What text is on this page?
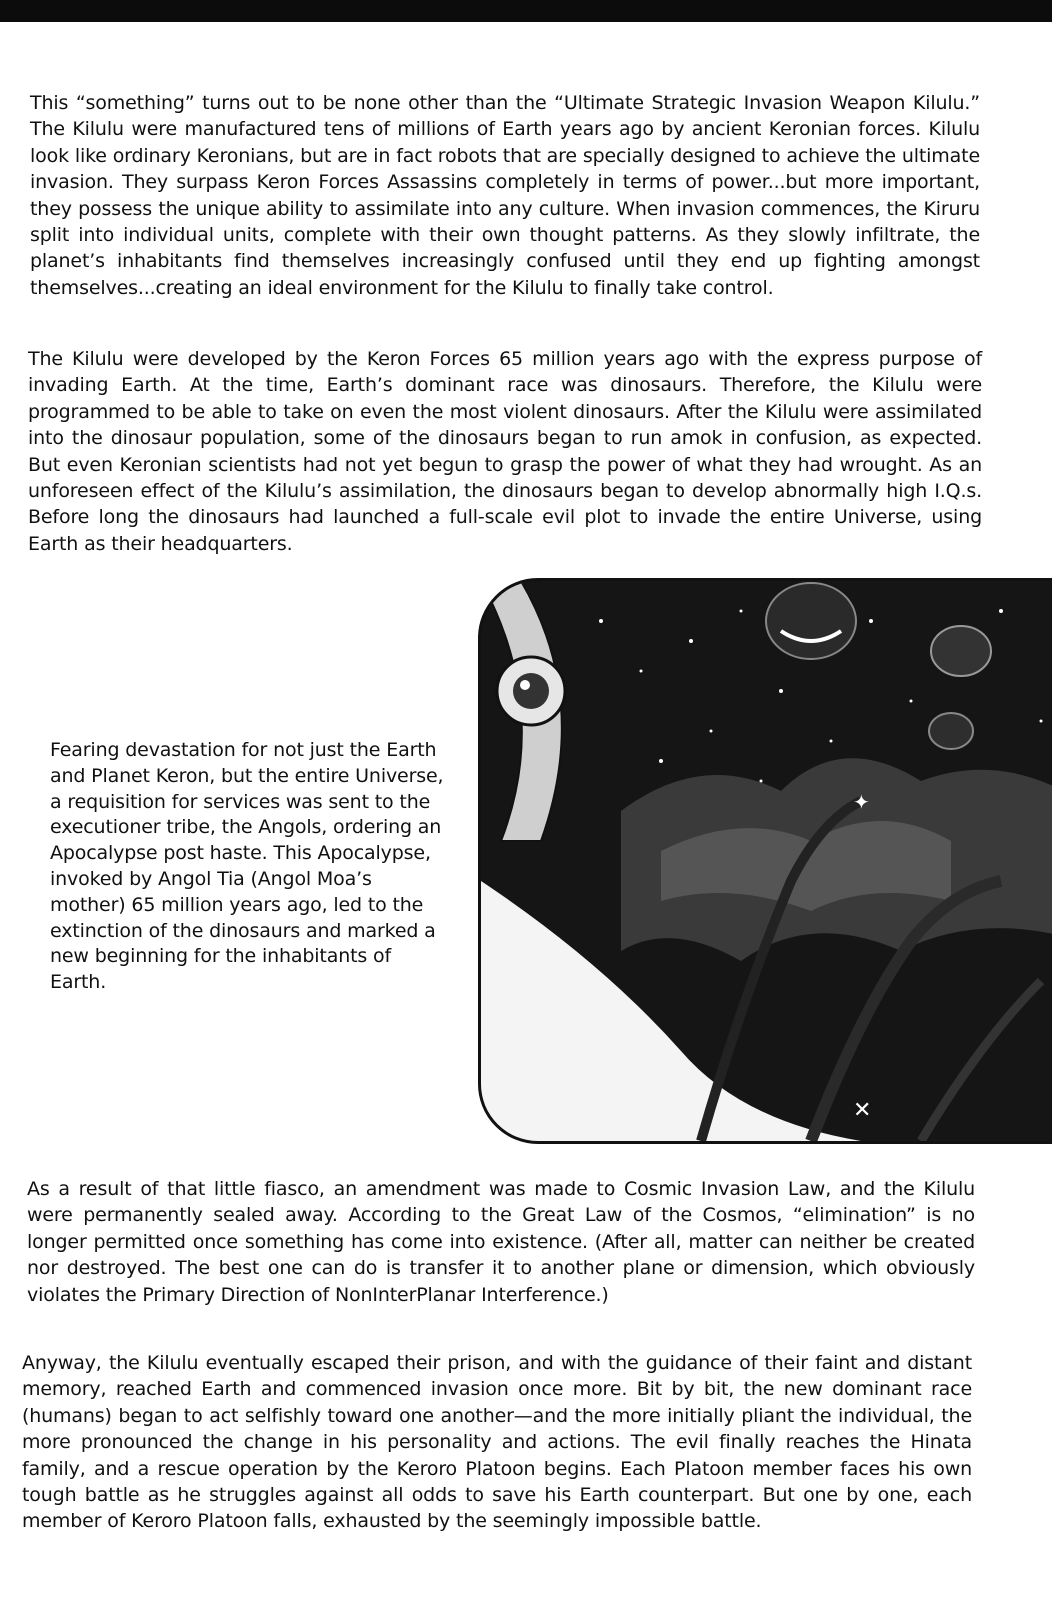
This “something” turns out to be none other than the “Ultimate Strategic Invasion Weapon Kilulu.” The Kilulu were manufactured tens of millions of Earth years ago by ancient Keronian forces. Kilulu look like ordinary Keronians, but are in fact robots that are specially designed to achieve the ultimate invasion. They surpass Keron Forces Assassins completely in terms of power...but more important, they possess the unique ability to assimilate into any culture. When invasion commences, the Kiruru split into individual units, complete with their own thought patterns. As they slowly infiltrate, the planet’s inhabitants find themselves increasingly confused until they end up fighting amongst themselves...creating an ideal environment for the Kilulu to finally take control.

The Kilulu were developed by the Keron Forces 65 million years ago with the express purpose of invading Earth. At the time, Earth’s dominant race was dinosaurs. Therefore, the Kilulu were programmed to be able to take on even the most violent dinosaurs. After the Kilulu were assimilated into the dinosaur population, some of the dinosaurs began to run amok in confusion, as expected. But even Keronian scientists had not yet begun to grasp the power of what they had wrought. As an unforeseen effect of the Kilulu’s assimilation, the dinosaurs began to develop abnormally high I.Q.s. Before long the dinosaurs had launched a full-scale evil plot to invade the entire Universe, using Earth as their headquarters.

✦
✕

Fearing devastation for not just the Earth and Planet Keron, but the entire Universe, a requisition for services was sent to the executioner tribe, the Angols, ordering an Apocalypse post haste. This Apocalypse, invoked by Angol Tia (Angol Moa’s mother) 65 million years ago, led to the extinction of the dinosaurs and marked a new beginning for the inhabitants of Earth.

As a result of that little fiasco, an amendment was made to Cosmic Invasion Law, and the Kilulu were permanently sealed away. According to the Great Law of the Cosmos, “elimination” is no longer permitted once something has come into existence. (After all, matter can neither be created nor destroyed. The best one can do is transfer it to another plane or dimension, which obviously violates the Primary Direction of NonInterPlanar Interference.)

Anyway, the Kilulu eventually escaped their prison, and with the guidance of their faint and distant memory, reached Earth and commenced invasion once more. Bit by bit, the new dominant race (humans) began to act selfishly toward one another—and the more initially pliant the individual, the more pronounced the change in his personality and actions. The evil finally reaches the Hinata family, and a rescue operation by the Keroro Platoon begins. Each Platoon member faces his own tough battle as he struggles against all odds to save his Earth counterpart. But one by one, each member of Keroro Platoon falls, exhausted by the seemingly impossible battle.
